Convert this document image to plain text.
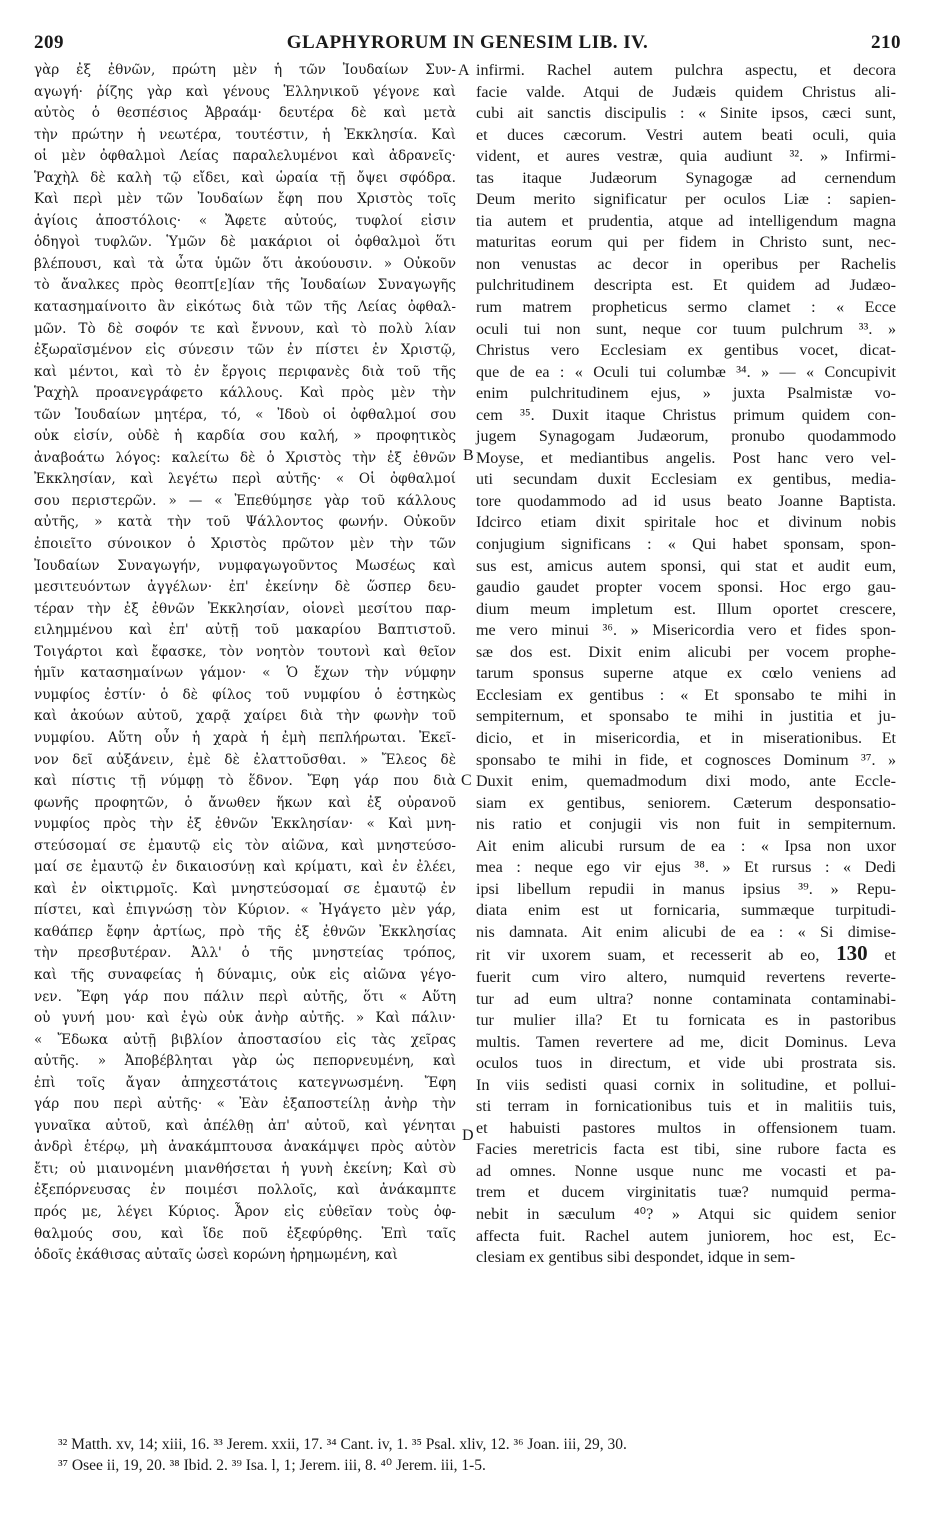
209	GLAPHYRORUM IN GENESIM LIB. IV.	210
γὰρ ἐξ ἐθνῶν, πρώτη μὲν ἡ τῶν Ἰουδαίων Συν-
αγωγή· ῥίζης γὰρ καὶ γένους Ἑλληνικοῦ γέγονε καὶ
αὐτὸς ὁ θεσπέσιος Ἀβραάμ· δευτέρα δὲ καὶ μετὰ
τὴν πρώτην ἡ νεωτέρα, τουτέστιν, ἡ Ἐκκλησία. Καὶ
οἱ μὲν ὀφθαλμοὶ Λείας παραλελυμένοι καὶ ἀδρανεῖς·
Ῥαχὴλ δὲ καλὴ τῷ εἴδει, καὶ ὡραία τῇ ὄψει σφόδρα.
Καὶ περὶ μὲν τῶν Ἰουδαίων ἔφη που Χριστὸς τοῖς
ἁγίοις ἀποστόλοις· « Ἄφετε αὐτούς, τυφλοί εἰσιν
ὁδηγοὶ τυφλῶν. Ὑμῶν δὲ μακάριοι οἱ ὀφθαλμοὶ ὅτι
βλέπουσι, καὶ τὰ ὦτα ὑμῶν ὅτι ἀκούουσιν. » Οὐκοῦν
τὸ ἄναλκες πρὸς θεοπτ[ε]ίαν τῆς Ἰουδαίων Συναγωγῆς
κατασημαίνοιτο ἂν εἰκότως διὰ τῶν τῆς Λείας ὀφθαλ-
μῶν. Τὸ δὲ σοφόν τε καὶ ἔννουν, καὶ τὸ πολὺ λίαν
ἐξωραϊσμένον εἰς σύνεσιν τῶν ἐν πίστει ἐν Χριστῷ,
καὶ μέντοι, καὶ τὸ ἐν ἔργοις περιφανὲς διὰ τοῦ τῆς
Ῥαχὴλ προανεγράφετο κάλλους. Καὶ πρὸς μὲν τὴν
τῶν Ἰουδαίων μητέρα, τό, « Ἰδοὺ οἱ ὀφθαλμοί σου
οὐκ εἰσίν, οὐδὲ ἡ καρδία σου καλή, » προφητικὸς
ἀναβοάτω λόγος: καλείτω δὲ ὁ Χριστὸς τὴν ἐξ ἐθνῶν
Ἐκκλησίαν, καὶ λεγέτω περὶ αὐτῆς· « Οἱ ὀφθαλμοί
σου περιστερῶν. » — « Ἐπεθύμησε γὰρ τοῦ κάλλους
αὐτῆς, » κατὰ τὴν τοῦ Ψάλλοντος φωνήν. Οὐκοῦν
ἐποιεῖτο σύνοικον ὁ Χριστὸς πρῶτον μὲν τὴν τῶν
Ἰουδαίων Συναγωγήν, νυμφαγωγοῦντος Μωσέως καὶ
μεσιτευόντων ἀγγέλων· ἐπ' ἐκείνην δὲ ὥσπερ δευ-
τέραν τὴν ἐξ ἐθνῶν Ἐκκλησίαν, οἱονεὶ μεσίτου παρ-
ειλημμένου καὶ ἐπ' αὐτῇ τοῦ μακαρίου Βαπτιστοῦ.
Τοιγάρτοι καὶ ἔφασκε, τὸν νοητὸν τουτονὶ καὶ θεῖον
ἡμῖν κατασημαίνων γάμον· « Ὁ ἔχων τὴν νύμφην
νυμφίος ἐστίν· ὁ δὲ φίλος τοῦ νυμφίου ὁ ἑστηκὼς
καὶ ἀκούων αὐτοῦ, χαρᾷ χαίρει διὰ τὴν φωνὴν τοῦ
νυμφίου. Αὕτη οὖν ἡ χαρὰ ἡ ἐμὴ πεπλήρωται. Ἐκεῖ-
νον δεῖ αὐξάνειν, ἐμὲ δὲ ἐλαττοῦσθαι. » Ἔλεος δὲ
καὶ πίστις τῇ νύμφῃ τὸ ἕδνον. Ἔφη γάρ που διὰ
φωνῆς προφητῶν, ὁ ἄνωθεν ἥκων καὶ ἐξ οὐρανοῦ
νυμφίος πρὸς τὴν ἐξ ἐθνῶν Ἐκκλησίαν· « Καὶ μνη-
στεύσομαί σε ἐμαυτῷ εἰς τὸν αἰῶνα, καὶ μνηστεύσο-
μαί σε ἐμαυτῷ ἐν δικαιοσύνῃ καὶ κρίματι, καὶ ἐν ἐλέει,
καὶ ἐν οἰκτιρμοῖς. Καὶ μνηστεύσομαί σε ἐμαυτῷ ἐν
πίστει, καὶ ἐπιγνώσῃ τὸν Κύριον. « Ἠγάγετο μὲν γάρ,
καθάπερ ἔφην ἀρτίως, πρὸ τῆς ἐξ ἐθνῶν Ἐκκλησίας
τὴν πρεσβυτέραν. Ἀλλ' ὁ τῆς μνηστείας τρόπος,
καὶ τῆς συναφείας ἡ δύναμις, οὐκ εἰς αἰῶνα γέγο-
νεν. Ἔφη γάρ που πάλιν περὶ αὐτῆς, ὅτι « Αὕτη
οὐ γυνή μου· καὶ ἐγὼ οὐκ ἀνὴρ αὐτῆς. » Καὶ πάλιν·
« Ἔδωκα αὐτῇ βιβλίον ἀποστασίου εἰς τὰς χεῖρας
αὐτῆς. » Ἀποβέβληται γὰρ ὡς πεπορνευμένη, καὶ
ἐπὶ τοῖς ἄγαν ἀπηχεστάτοις κατεγνωσμένη. Ἔφη
γάρ που περὶ αὐτῆς· « Ἐὰν ἐξαποστείλῃ ἀνὴρ τὴν
γυναῖκα αὐτοῦ, καὶ ἀπέλθῃ ἀπ' αὐτοῦ, καὶ γένηται
ἀνδρὶ ἑτέρῳ, μὴ ἀνακάμπτουσα ἀνακάμψει πρὸς αὐτὸν
ἔτι; οὐ μιαινομένη μιανθήσεται ἡ γυνὴ ἐκείνη; Καὶ σὺ
ἐξεπόρνευσας ἐν ποιμέσι πολλοῖς, καὶ ἀνάκαμπτε
πρός με, λέγει Κύριος. Ἆρον εἰς εὐθεῖαν τοὺς ὀφ-
θαλμούς σου, καὶ ἴδε ποῦ ἐξεφύρθης. Ἐπὶ ταῖς
ὁδοῖς ἐκάθισας αὐταῖς ὡσεὶ κορώνη ἠρημωμένη, καὶ
A
B
C
D
infirmi. Rachel autem pulchra aspectu, et decora
facie valde. Atqui de Judæis quidem Christus ali-
cubi ait sanctis discipulis : « Sinite ipsos, cæci sunt,
et duces cæcorum. Vestri autem beati oculi, quia
vident, et aures vestræ, quia audiunt ³². » Infirmi-
tas itaque Judæorum Synagogæ ad cernendum
Deum merito significatur per oculos Liæ : sapien-
tia autem et prudentia, atque ad intelligendum magna
maturitas eorum qui per fidem in Christo sunt, nec-
non venustas ac decor in operibus per Rachelis
pulchritudinem descripta est. Et quidem ad Judæo-
rum matrem propheticus sermo clamet : « Ecce
oculi tui non sunt, neque cor tuum pulchrum ³³. »
Christus vero Ecclesiam ex gentibus vocet, dicat-
que de ea : « Oculi tui columbæ ³⁴. » — « Concupivit
enim pulchritudinem ejus, » juxta Psalmistæ vo-
cem ³⁵. Duxit itaque Christus primum quidem con-
jugem Synagogam Judæorum, pronubo quodammodo
Moyse, et mediantibus angelis. Post hanc vero vel-
uti secundam duxit Ecclesiam ex gentibus, media-
tore quodammodo ad id usus beato Joanne Baptista.
Idcirco etiam dixit spiritale hoc et divinum nobis
conjugium significans : « Qui habet sponsam, spon-
sus est, amicus autem sponsi, qui stat et audit eum,
gaudio gaudet propter vocem sponsi. Hoc ergo gau-
dium meum impletum est. Illum oportet crescere,
me vero minui ³⁶. » Misericordia vero et fides spon-
sæ dos est. Dixit enim alicubi per vocem prophe-
tarum sponsus superne atque ex cœlo veniens ad
Ecclesiam ex gentibus : « Et sponsabo te mihi in
sempiternum, et sponsabo te mihi in justitia et ju-
dicio, et in misericordia, et in miserationibus. Et
sponsabo te mihi in fide, et cognosces Dominum ³⁷. »
Duxit enim, quemadmodum dixi modo, ante Eccle-
siam ex gentibus, seniorem. Cæterum desponsatio-
nis ratio et conjugii vis non fuit in sempiternum.
Ait enim alicubi rursum de ea : « Ipsa non uxor
mea : neque ego vir ejus ³⁸. » Et rursus : « Dedi
ipsi libellum repudii in manus ipsius ³⁹. » Repu-
diata enim est ut fornicaria, summæque turpitudi-
nis damnata. Ait enim alicubi de ea : « Si dimise-
rit vir uxorem suam, et recesserit ab eo, 130 et
fuerit cum viro altero, numquid revertens reverte-
tur ad eum ultra? nonne contaminata contaminabi-
tur mulier illa? Et tu fornicata es in pastoribus
multis. Tamen revertere ad me, dicit Dominus. Leva
oculos tuos in directum, et vide ubi prostrata sis.
In viis sedisti quasi cornix in solitudine, et pollui-
sti terram in fornicationibus tuis et in malitiis tuis,
et habuisti pastores multos in offensionem tuam.
Facies meretricis facta est tibi, sine rubore facta es
ad omnes. Nonne usque nunc me vocasti et pa-
trem et ducem virginitatis tuæ? numquid perma-
nebit in sæculum ⁴⁰? » Atqui sic quidem senior
affecta fuit. Rachel autem juniorem, hoc est, Ec-
clesiam ex gentibus sibi despondet, idque in sem-
³² Matth. xv, 14; xiii, 16. ³³ Jerem. xxii, 17. ³⁴ Cant. iv, 1. ³⁵ Psal. xliv, 12. ³⁶ Joan. iii, 29, 30.
³⁷ Osee ii, 19, 20. ³⁸ Ibid. 2. ³⁹ Isa. l, 1; Jerem. iii, 8. ⁴⁰ Jerem. iii, 1-5.
